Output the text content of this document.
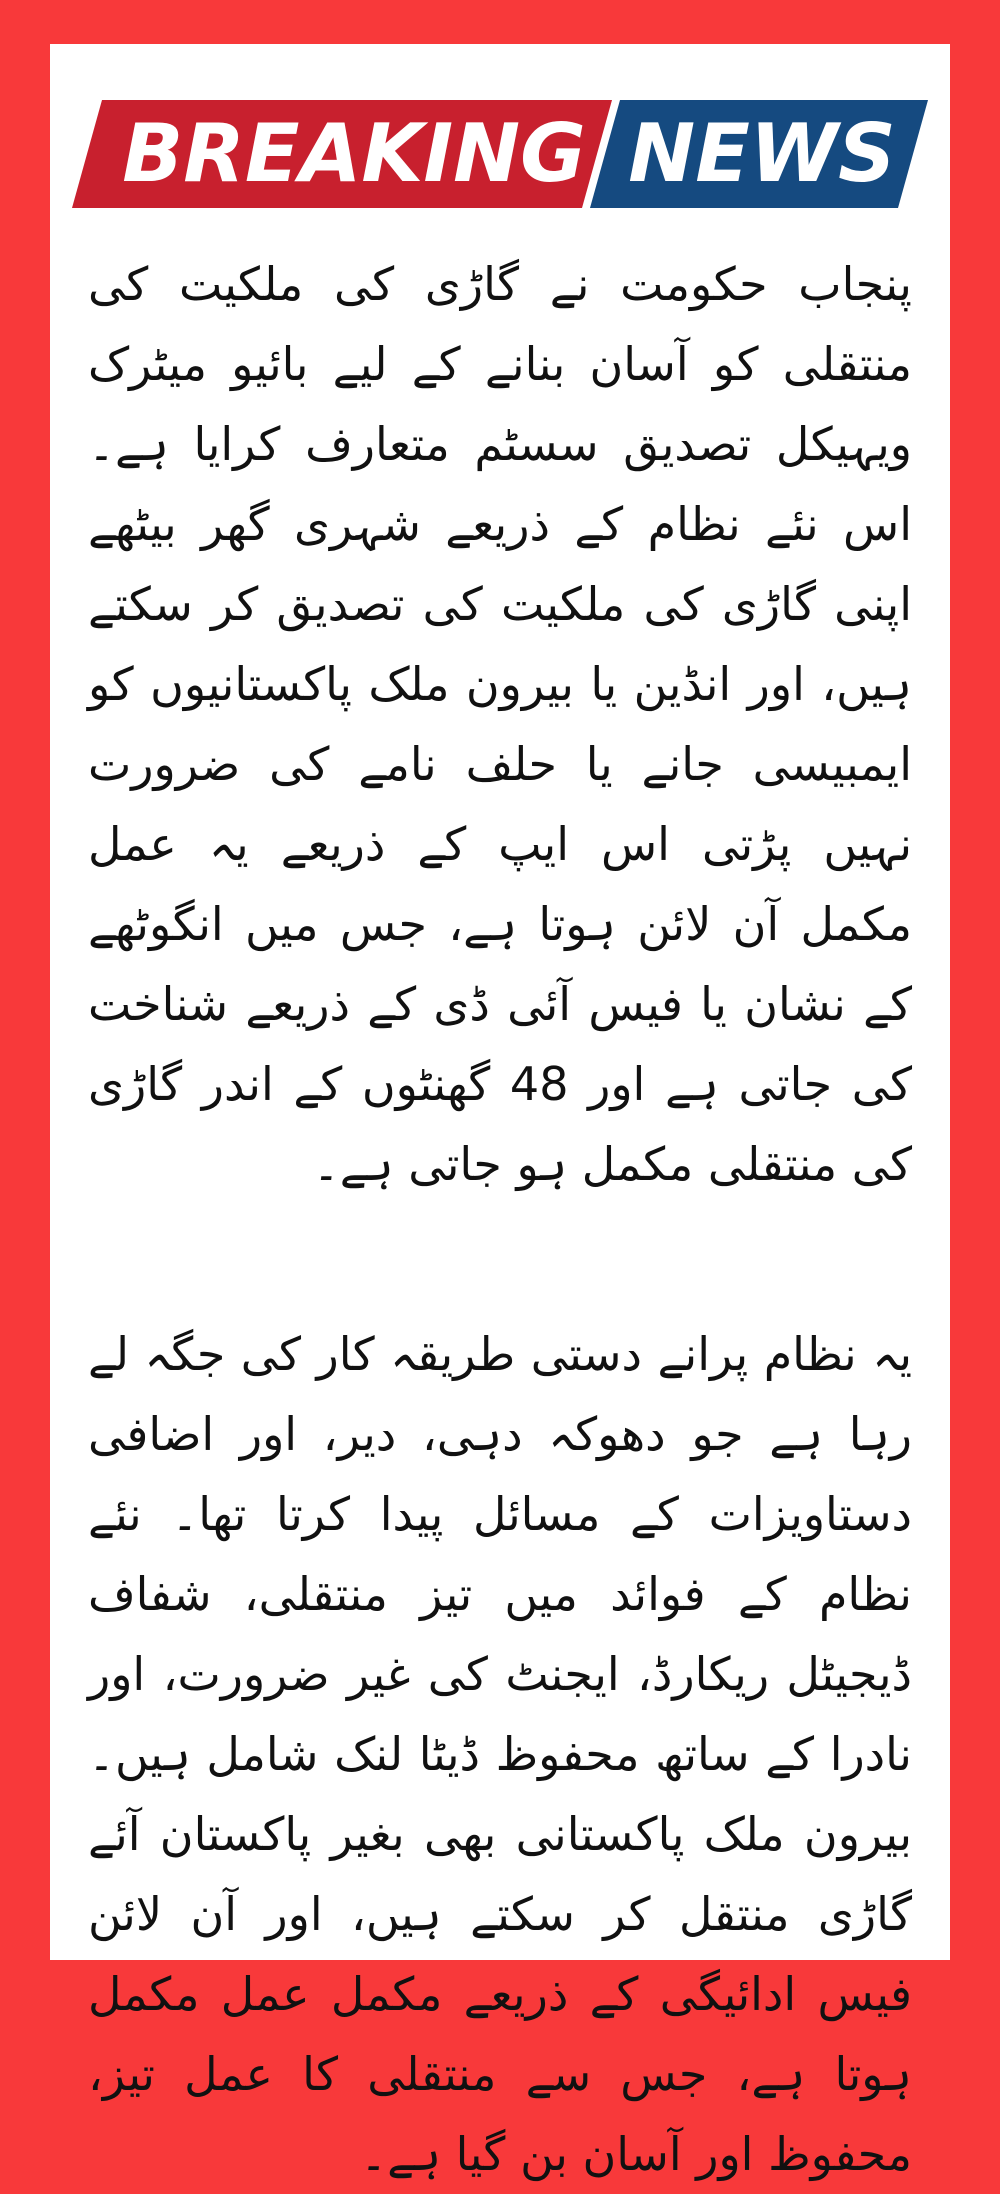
BREAKING NEWS

پنجاب حکومت نے گاڑی کی ملکیت کی منتقلی کو آسان بنانے کے لیے بائیو میٹرک ویہیکل تصدیق سسٹم متعارف کرایا ہے۔ اس نئے نظام کے ذریعے شہری گھر بیٹھے اپنی گاڑی کی ملکیت کی تصدیق کر سکتے ہیں، اور انڈین یا بیرون ملک پاکستانیوں کو ایمبیسی جانے یا حلف نامے کی ضرورت نہیں پڑتی اس ایپ کے ذریعے یہ عمل مکمل آن لائن ہوتا ہے، جس میں انگوٹھے کے نشان یا فیس آئی ڈی کے ذریعے شناخت کی جاتی ہے اور 48 گھنٹوں کے اندر گاڑی کی منتقلی مکمل ہو جاتی ہے۔

یہ نظام پرانے دستی طریقہ کار کی جگہ لے رہا ہے جو دھوکہ دہی، دیر، اور اضافی دستاویزات کے مسائل پیدا کرتا تھا۔ نئے نظام کے فوائد میں تیز منتقلی، شفاف ڈیجیٹل ریکارڈ، ایجنٹ کی غیر ضرورت، اور نادرا کے ساتھ محفوظ ڈیٹا لنک شامل ہیں۔ بیرون ملک پاکستانی بھی بغیر پاکستان آئے گاڑی منتقل کر سکتے ہیں، اور آن لائن فیس ادائیگی کے ذریعے مکمل عمل مکمل ہوتا ہے، جس سے منتقلی کا عمل تیز، محفوظ اور آسان بن گیا ہے۔
